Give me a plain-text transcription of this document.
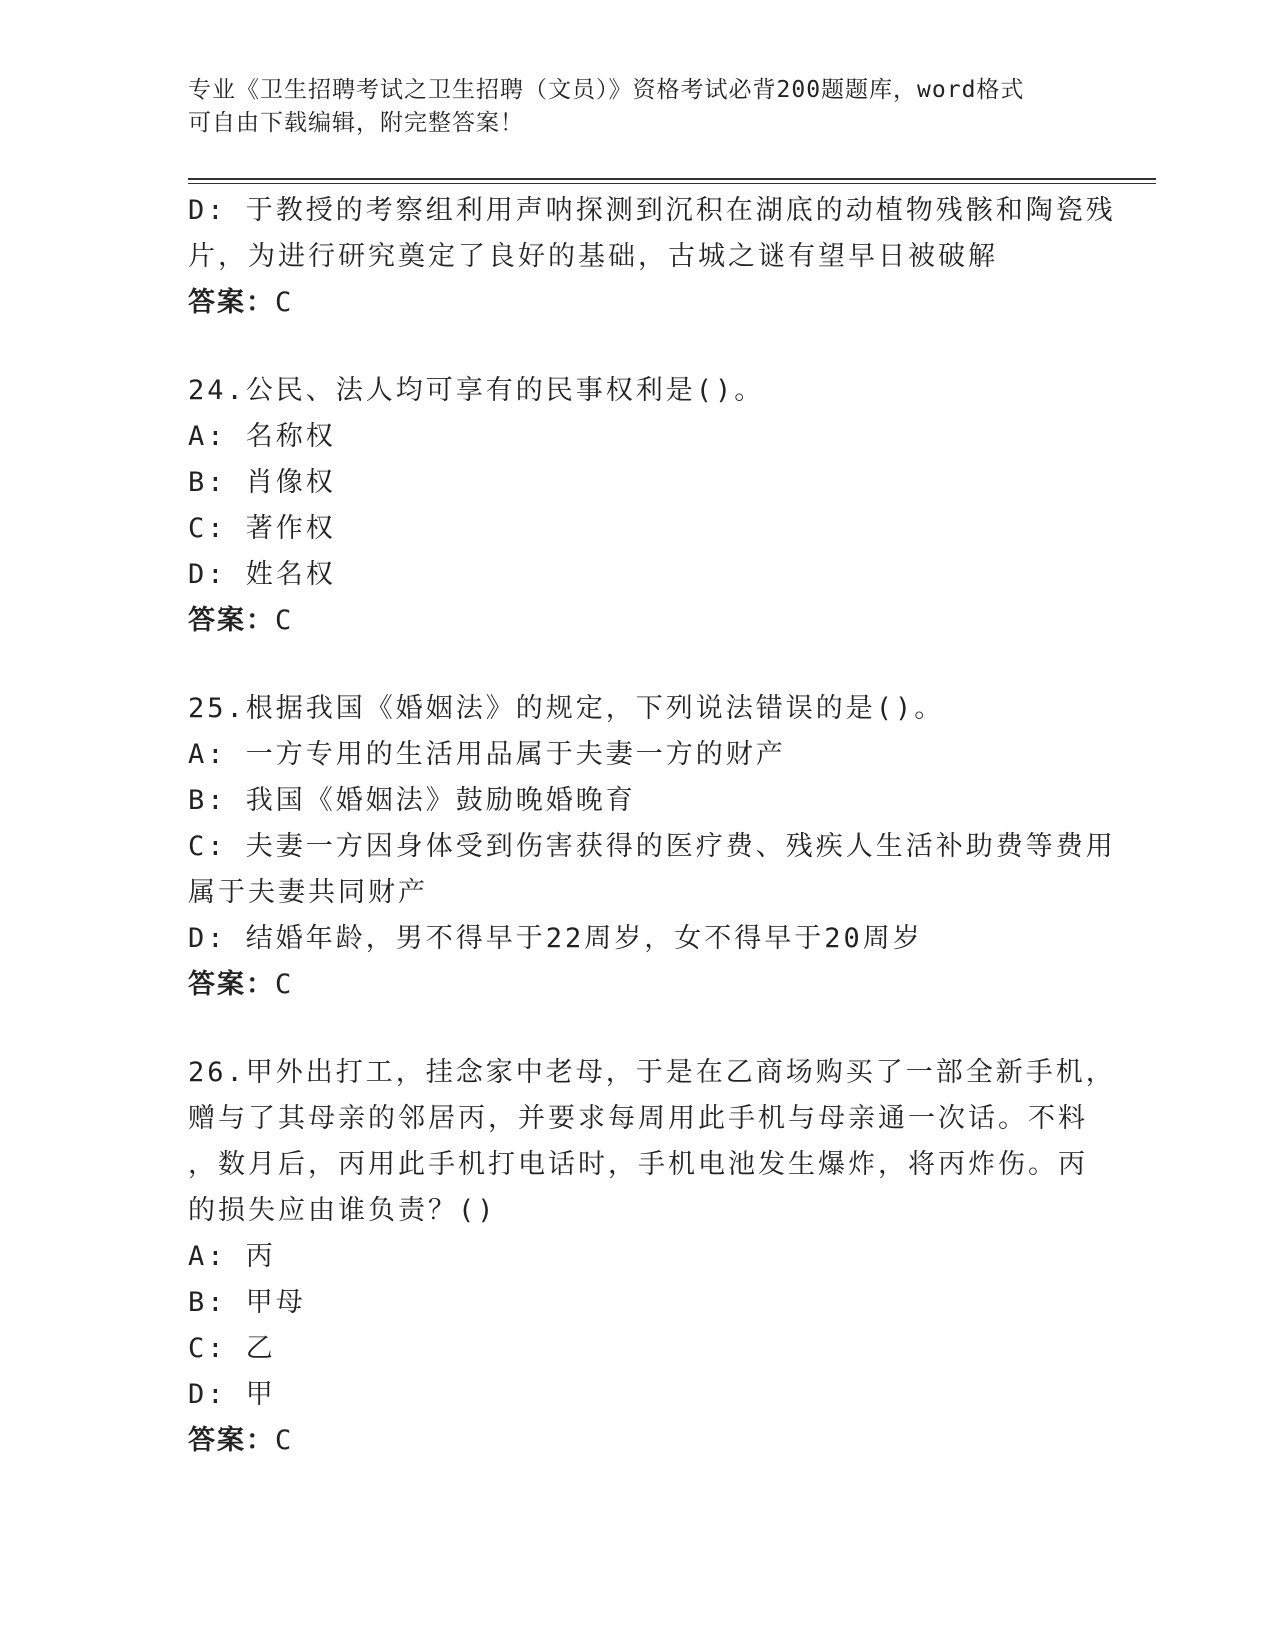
专业《卫生招聘考试之卫生招聘（文员）》资格考试必背200题题库，word格式
可自由下载编辑，附完整答案！
D: 于教授的考察组利用声呐探测到沉积在湖底的动植物残骸和陶瓷残
片，为进行研究奠定了良好的基础，古城之谜有望早日被破解
答案：C
24.公民、法人均可享有的民事权利是()。
A: 名称权
B: 肖像权
C: 著作权
D: 姓名权
答案：C
25.根据我国《婚姻法》的规定，下列说法错误的是()。
A: 一方专用的生活用品属于夫妻一方的财产
B: 我国《婚姻法》鼓励晚婚晚育
C: 夫妻一方因身体受到伤害获得的医疗费、残疾人生活补助费等费用
属于夫妻共同财产
D: 结婚年龄，男不得早于22周岁，女不得早于20周岁
答案：C
26.甲外出打工，挂念家中老母，于是在乙商场购买了一部全新手机，
赠与了其母亲的邻居丙，并要求每周用此手机与母亲通一次话。不料
，数月后，丙用此手机打电话时，手机电池发生爆炸，将丙炸伤。丙
的损失应由谁负责？()
A: 丙
B: 甲母
C: 乙
D: 甲
答案：C
